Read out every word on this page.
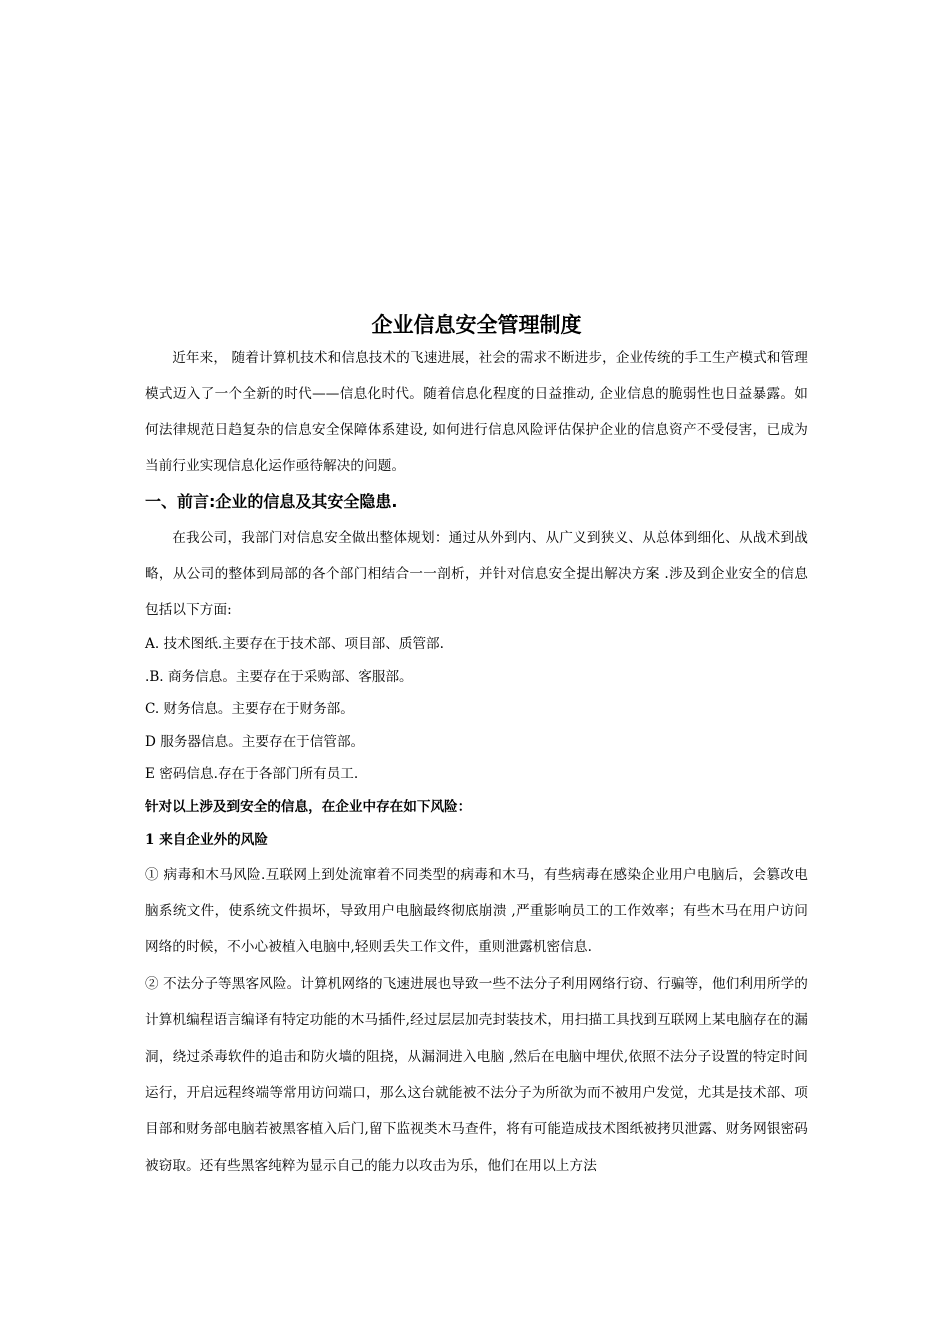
企业信息安全管理制度

近年来， 随着计算机技术和信息技术的飞速进展，社会的需求不断进步，企业传统的手工生产模式和管理模式迈入了一个全新的时代——信息化时代。随着信息化程度的日益推动, 企业信息的脆弱性也日益暴露。如何法律规范日趋复杂的信息安全保障体系建设, 如何进行信息风险评估保护企业的信息资产不受侵害，已成为当前行业实现信息化运作亟待解决的问题。

一、前言:企业的信息及其安全隐患.

在我公司，我部门对信息安全做出整体规划：通过从外到内、从广义到狭义、从总体到细化、从战术到战略，从公司的整体到局部的各个部门相结合一一剖析，并针对信息安全提出解决方案 .涉及到企业安全的信息包括以下方面:

A. 技术图纸.主要存在于技术部、项目部、质管部.

.B. 商务信息。主要存在于采购部、客服部。

C. 财务信息。主要存在于财务部。

D 服务器信息。主要存在于信管部。

E 密码信息.存在于各部门所有员工.

针对以上涉及到安全的信息，在企业中存在如下风险：

1 来自企业外的风险

① 病毒和木马风险.互联网上到处流窜着不同类型的病毒和木马，有些病毒在感染企业用户电脑后，会篡改电脑系统文件，使系统文件损坏，导致用户电脑最终彻底崩溃 ,严重影响员工的工作效率；有些木马在用户访问网络的时候，不小心被植入电脑中,轻则丢失工作文件，重则泄露机密信息.

② 不法分子等黑客风险。计算机网络的飞速进展也导致一些不法分子利用网络行窃、行骗等，他们利用所学的计算机编程语言编译有特定功能的木马插件,经过层层加壳封装技术，用扫描工具找到互联网上某电脑存在的漏洞，绕过杀毒软件的追击和防火墙的阻挠，从漏洞进入电脑 ,然后在电脑中埋伏,依照不法分子设置的特定时间运行，开启远程终端等常用访问端口，那么这台就能被不法分子为所欲为而不被用户发觉，尤其是技术部、项目部和财务部电脑若被黑客植入后门,留下监视类木马查件，将有可能造成技术图纸被拷贝泄露、财务网银密码被窃取。还有些黑客纯粹为显示自己的能力以攻击为乐，他们在用以上方法
